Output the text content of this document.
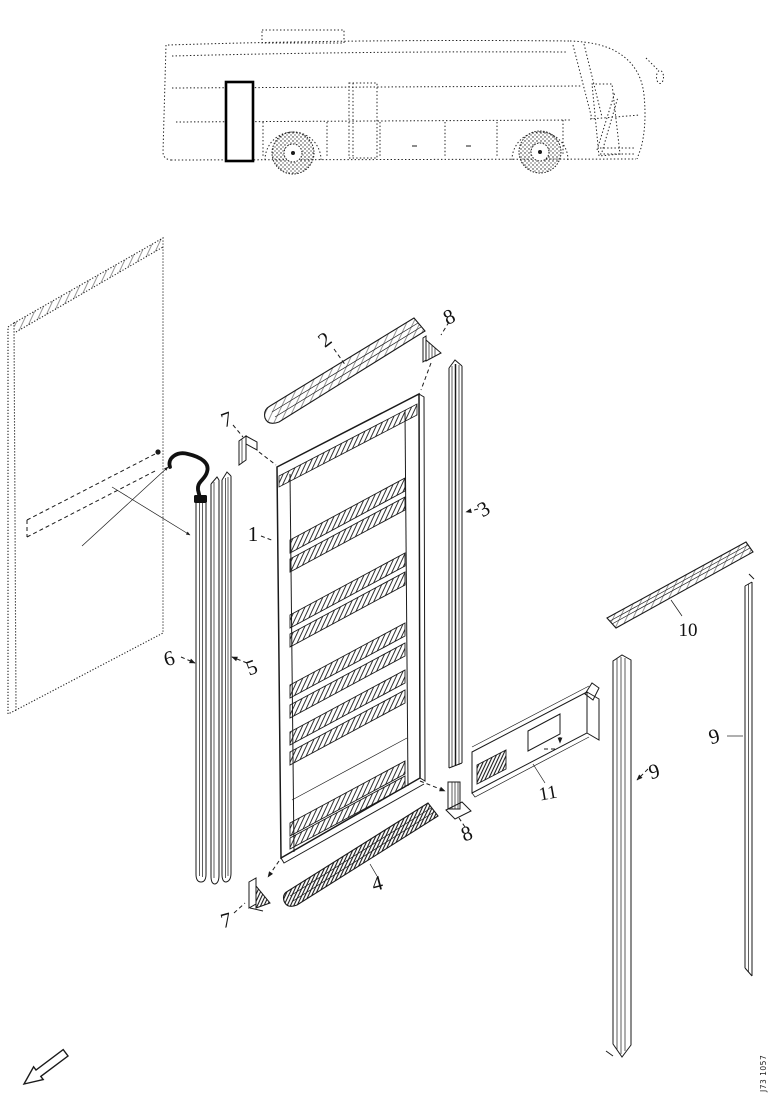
1
2
3
4
5
6
7
7
8
8
9
9
10
11
J73 1057
